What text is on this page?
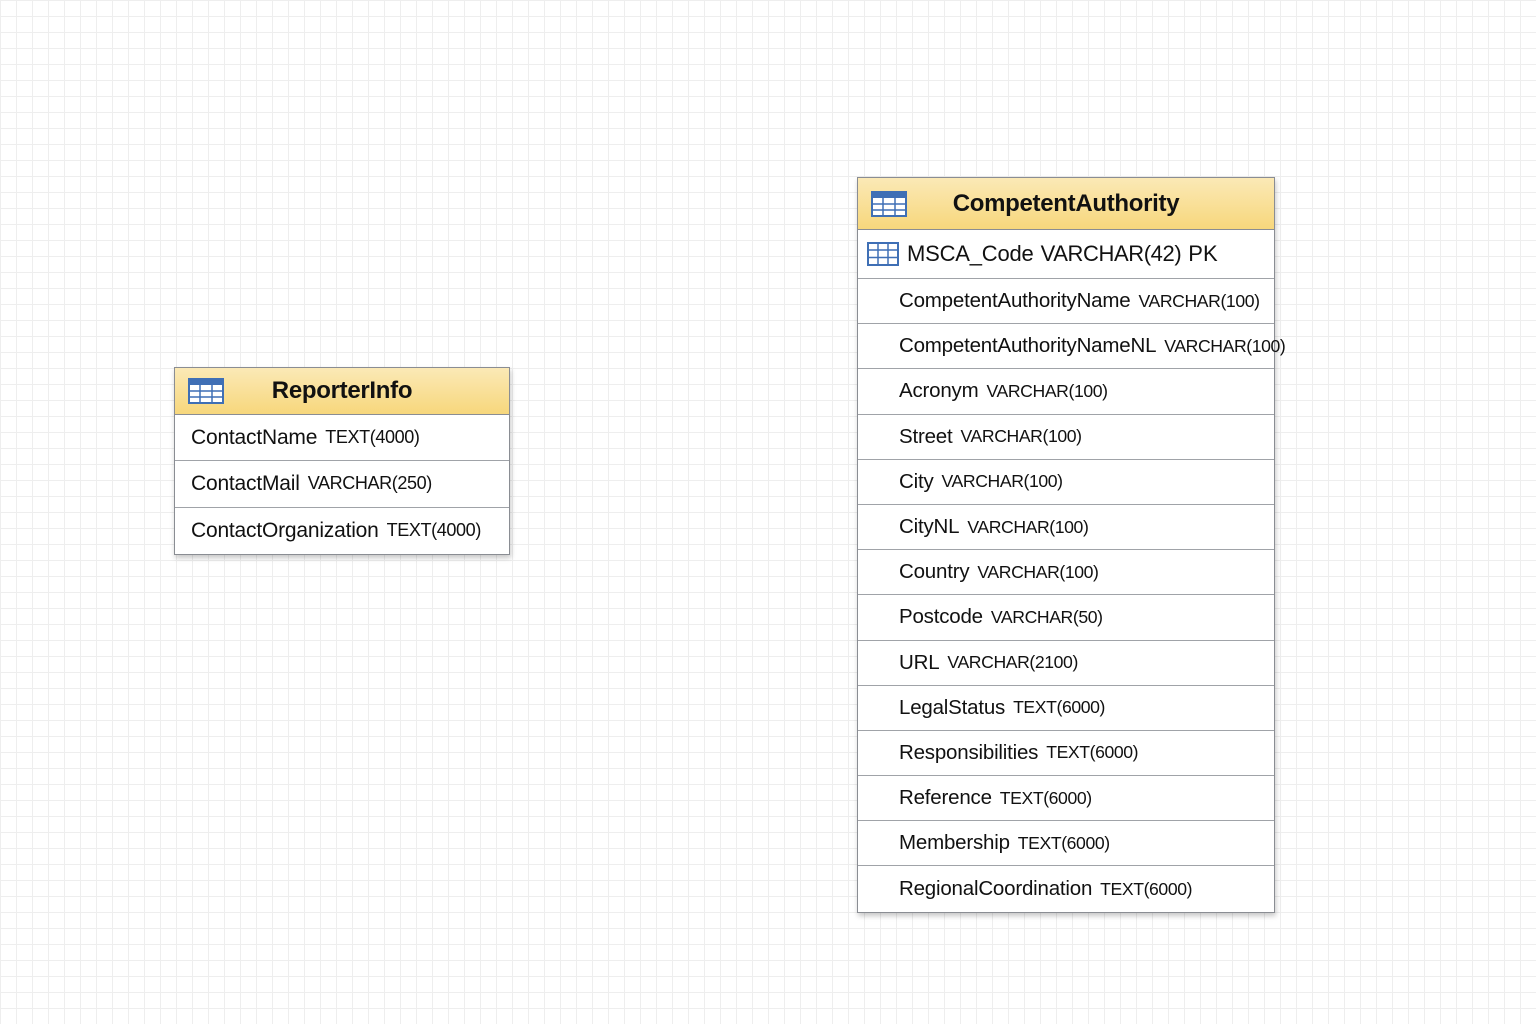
ReporterInfo
ContactName TEXT(4000)
ContactMail VARCHAR(250)
ContactOrganization TEXT(4000)
CompetentAuthority
MSCA_Code VARCHAR(42) PK
CompetentAuthorityName VARCHAR(100)
CompetentAuthorityNameNL VARCHAR(100)
Acronym VARCHAR(100)
Street VARCHAR(100)
City VARCHAR(100)
CityNL VARCHAR(100)
Country VARCHAR(100)
Postcode VARCHAR(50)
URL VARCHAR(2100)
LegalStatus TEXT(6000)
Responsibilities TEXT(6000)
Reference TEXT(6000)
Membership TEXT(6000)
RegionalCoordination TEXT(6000)
